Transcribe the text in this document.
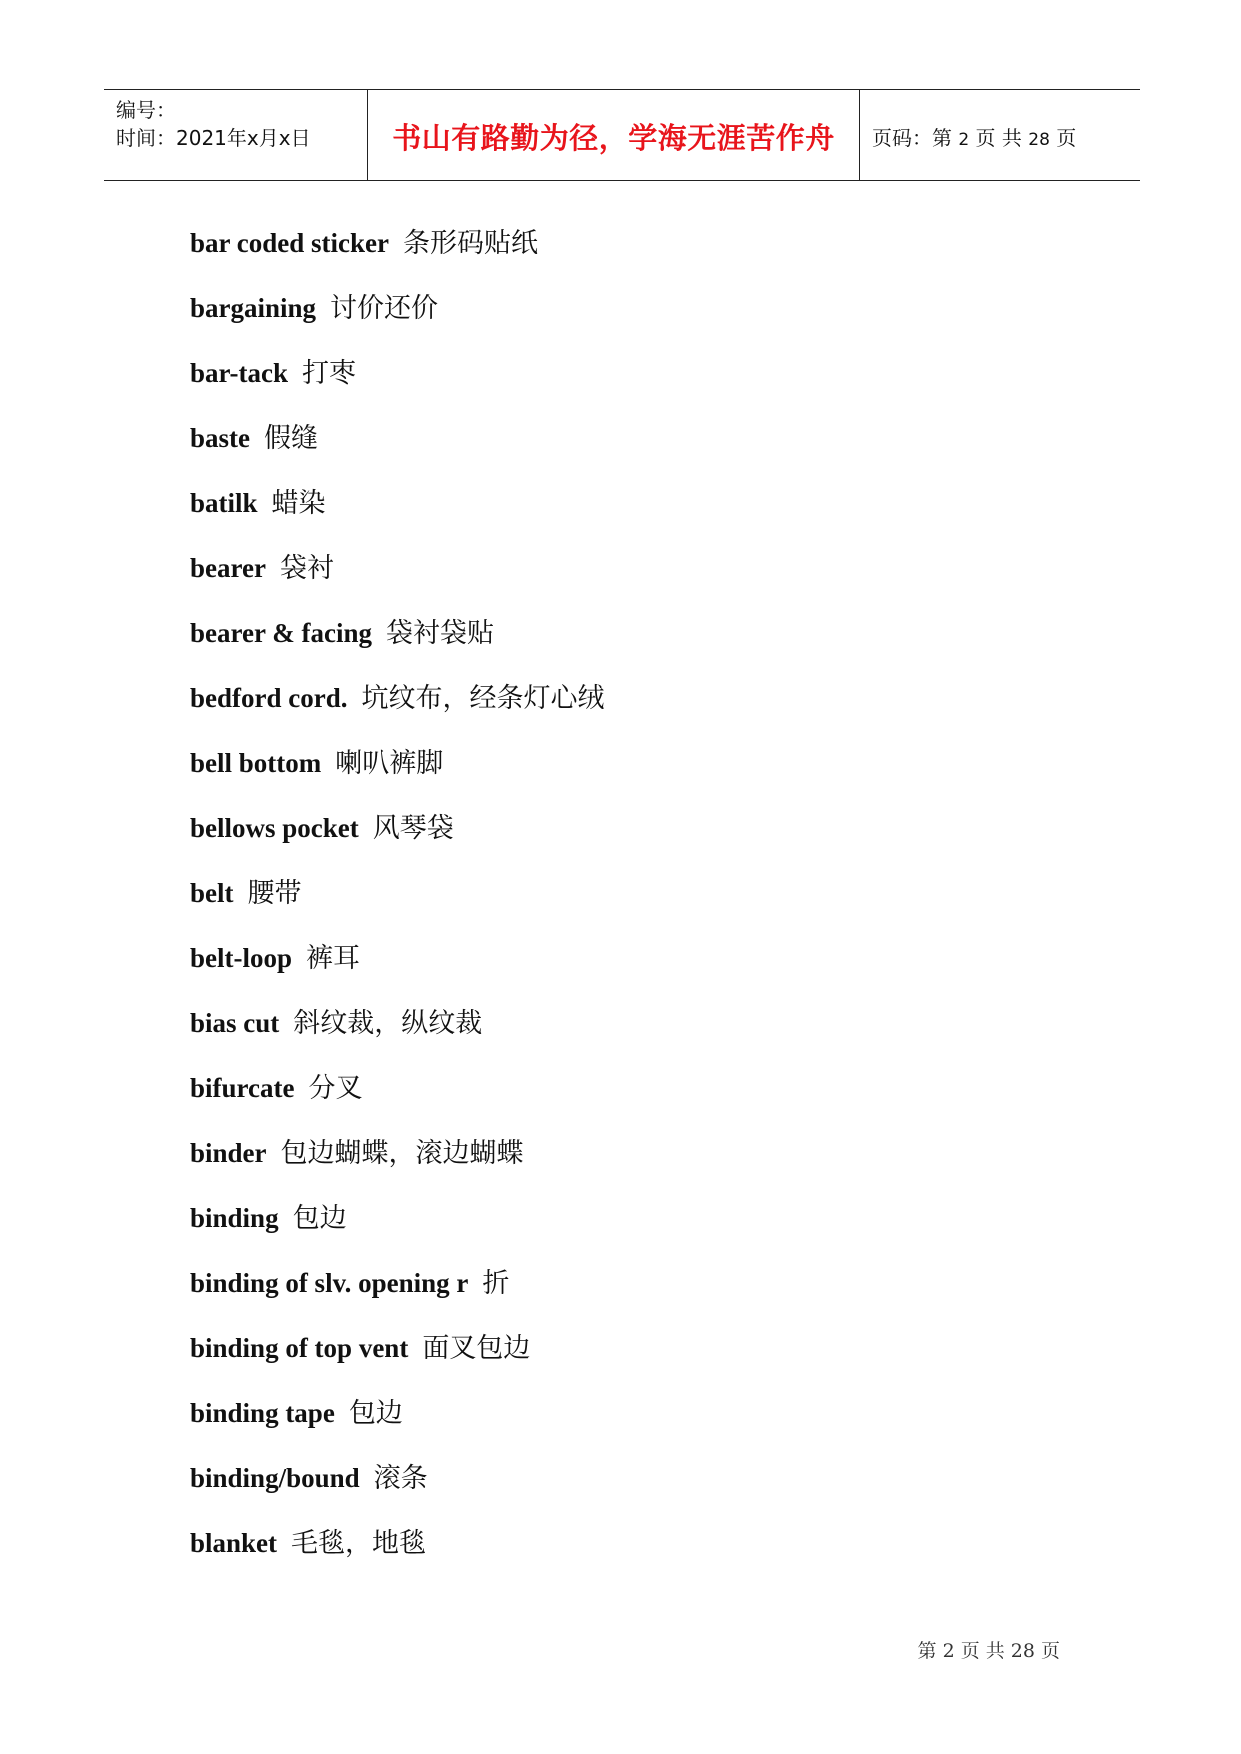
编号：
时间：2021年x月x日	书山有路勤为径，学海无涯苦作舟	页码：第 2 页 共 28 页
bar coded sticker 条形码贴纸
bargaining 讨价还价
bar-tack 打枣
baste 假缝
batilk 蜡染
bearer 袋衬
bearer & facing 袋衬袋贴
bedford cord. 坑纹布，经条灯心绒
bell bottom 喇叭裤脚
bellows pocket 风琴袋
belt 腰带
belt-loop 裤耳
bias cut 斜纹裁，纵纹裁
bifurcate 分叉
binder 包边蝴蝶，滚边蝴蝶
binding 包边
binding of slv. opening r 折
binding of top vent 面叉包边
binding tape 包边
binding/bound 滚条
blanket 毛毯，地毯
第 2 页 共 28 页
